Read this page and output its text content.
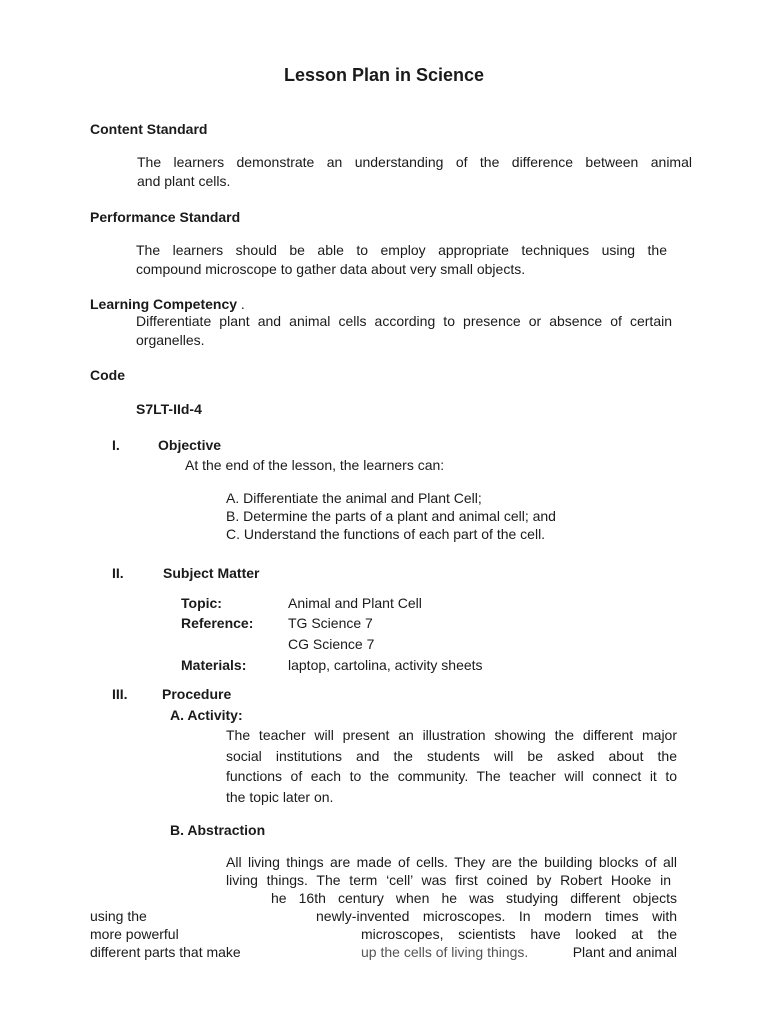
Lesson Plan in Science
Content Standard
The learners demonstrate an understanding of the difference between animal
and plant cells.
Performance Standard
The learners should be able to employ appropriate techniques using the
compound microscope to gather data about very small objects.
Learning Competency .
Differentiate plant and animal cells according to presence or absence of certain
organelles.
Code
S7LT-IId-4
I.	Objective
At the end of the lesson, the learners can:
A. Differentiate the animal and Plant Cell;
B. Determine the parts of a plant and animal cell; and
C. Understand the functions of each part of the cell.
II.	Subject Matter
Topic:	Animal and Plant Cell
Reference: TG Science 7
CG Science 7
Materials:	laptop, cartolina, activity sheets
III. Procedure
A. Activity:
The teacher will present an illustration showing the different major
social institutions and the students will be asked about the
functions of each to the community. The teacher will connect it to
the topic later on.
B. Abstraction
All living things are made of cells. They are the building blocks of all
living things. The term ‘cell’ was first coined by Robert Hooke in
he 16th century when he was studying different objects
using the	newly-invented microscopes. In modern times with
more powerful	microscopes, scientists have looked at the
different parts that make	up the cells of living things.	Plant and animal
